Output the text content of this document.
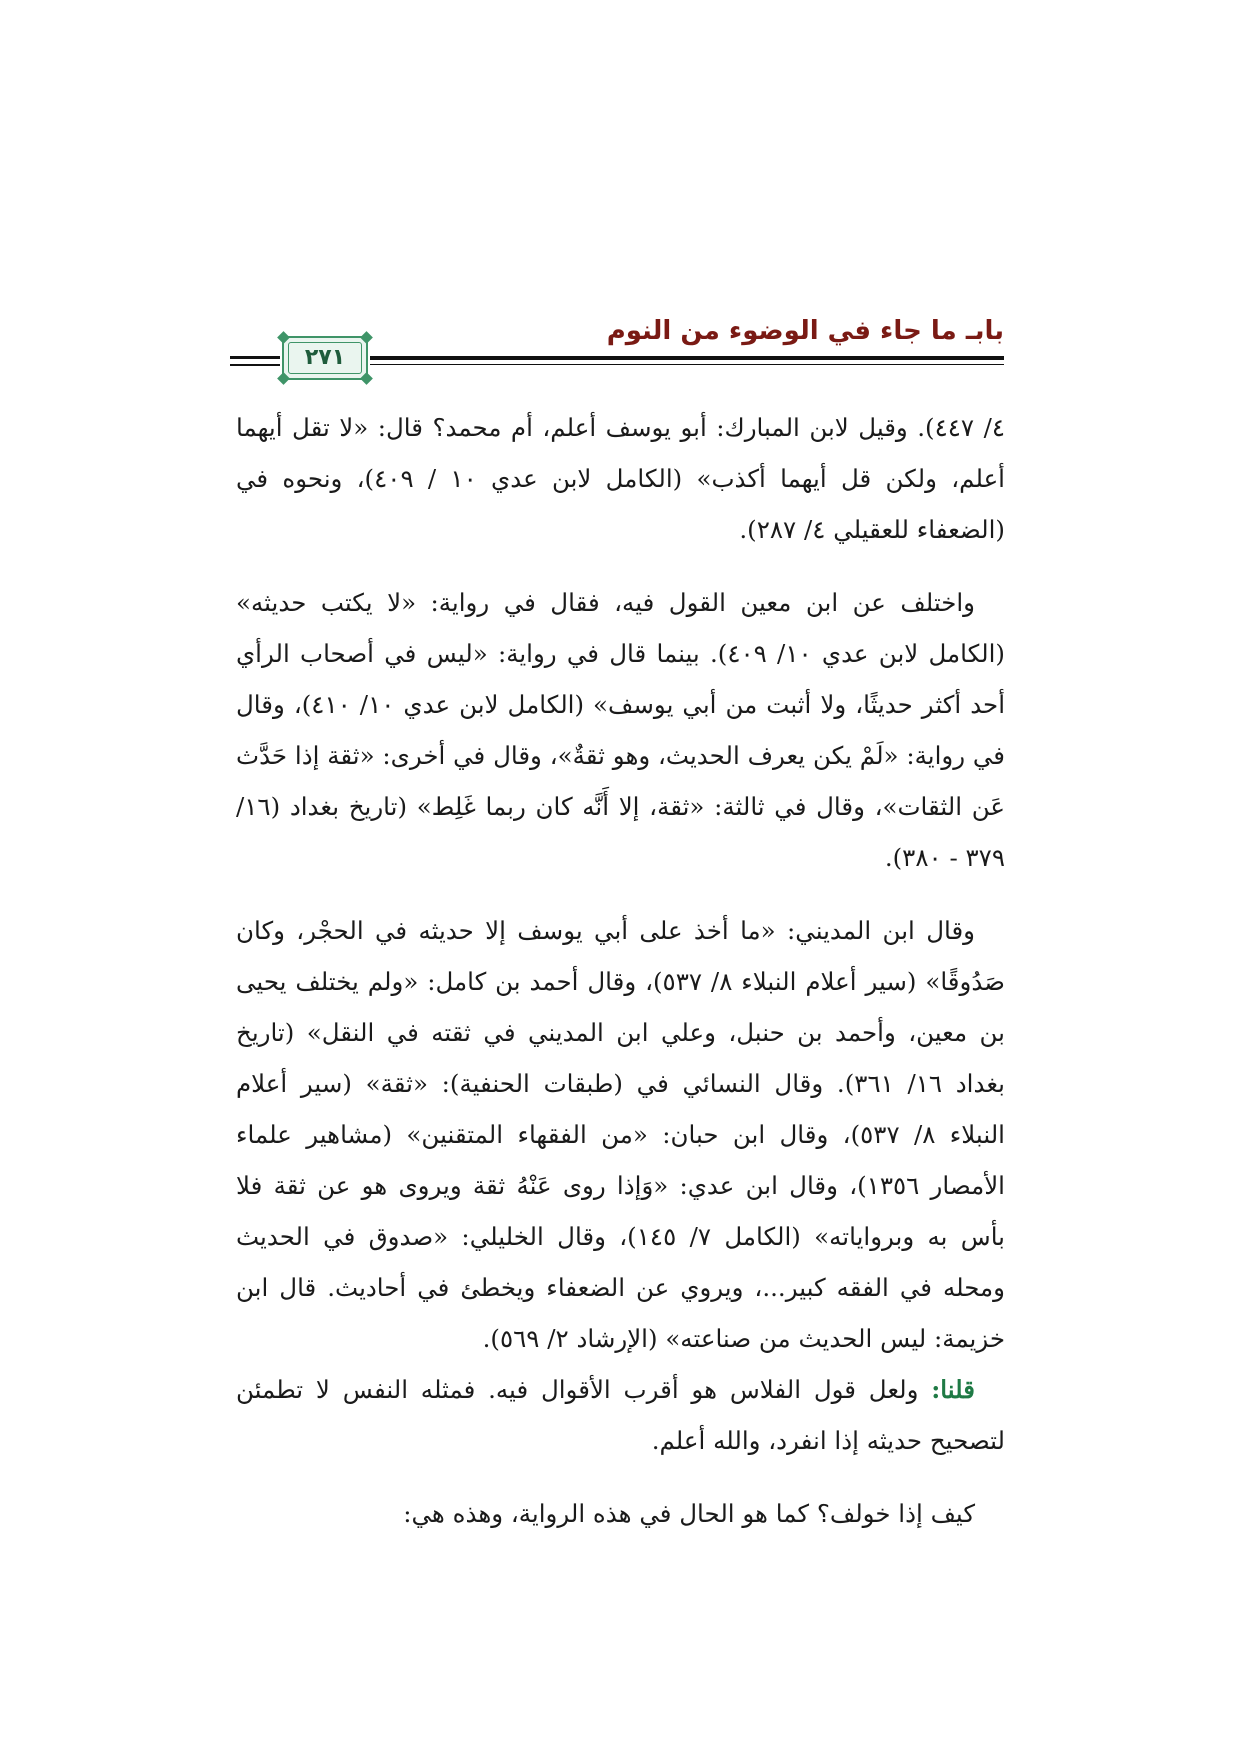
بابـ ما جاء في الوضوء من النوم
٢٧١

٤/ ٤٤٧). وقيل لابن المبارك: أبو يوسف أعلم، أم محمد؟ قال: «لا تقل أيهما أعلم، ولكن قل أيهما أكذب» (الكامل لابن عدي ١٠ / ٤٠٩)، ونحوه في (الضعفاء للعقيلي ٤/ ٢٨٧).

واختلف عن ابن معين القول فيه، فقال في رواية: «لا يكتب حديثه» (الكامل لابن عدي ١٠/ ٤٠٩). بينما قال في رواية: «ليس في أصحاب الرأي أحد أكثر حديثًا، ولا أثبت من أبي يوسف» (الكامل لابن عدي ١٠/ ٤١٠)، وقال في رواية: «لَمْ يكن يعرف الحديث، وهو ثقةٌ»، وقال في أخرى: «ثقة إذا حَدَّث عَن الثقات»، وقال في ثالثة: «ثقة، إلا أَنَّه كان ربما غَلِط» (تاريخ بغداد (١٦/ ٣٧٩ - ٣٨٠).

وقال ابن المديني: «ما أخذ على أبي يوسف إلا حديثه في الحجْر، وكان صَدُوقًا» (سير أعلام النبلاء ٨/ ٥٣٧)، وقال أحمد بن كامل: «ولم يختلف يحيى بن معين، وأحمد بن حنبل، وعلي ابن المديني في ثقته في النقل» (تاريخ بغداد ١٦/ ٣٦١). وقال النسائي في (طبقات الحنفية): «ثقة» (سير أعلام النبلاء ٨/ ٥٣٧)، وقال ابن حبان: «من الفقهاء المتقنين» (مشاهير علماء الأمصار ١٣٥٦)، وقال ابن عدي: «وَإذا روى عَنْهُ ثقة ويروى هو عن ثقة فلا بأس به وبرواياته» (الكامل ٧/ ١٤٥)، وقال الخليلي: «صدوق في الحديث ومحله في الفقه كبير...، ويروي عن الضعفاء ويخطئ في أحاديث. قال ابن خزيمة: ليس الحديث من صناعته» (الإرشاد ٢/ ٥٦٩).

قلنا: ولعل قول الفلاس هو أقرب الأقوال فيه. فمثله النفس لا تطمئن لتصحيح حديثه إذا انفرد، والله أعلم.

كيف إذا خولف؟ كما هو الحال في هذه الرواية، وهذه هي:
